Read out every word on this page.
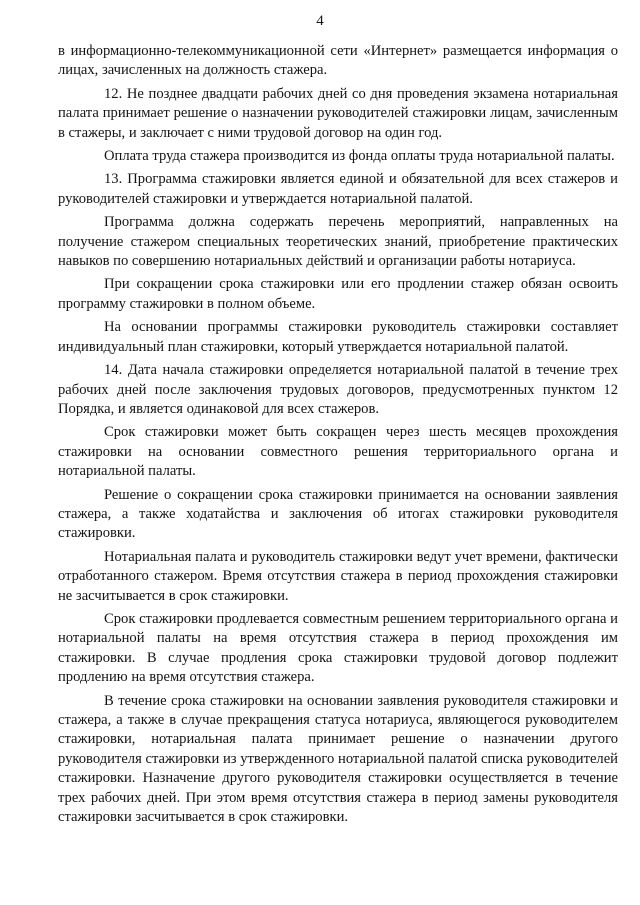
4

в информационно-телекоммуникационной сети «Интернет» размещается информация о лицах, зачисленных на должность стажера.

12. Не позднее двадцати рабочих дней со дня проведения экзамена нотариальная палата принимает решение о назначении руководителей стажировки лицам, зачисленным в стажеры, и заключает с ними трудовой договор на один год.

Оплата труда стажера производится из фонда оплаты труда нотариальной палаты.

13. Программа стажировки является единой и обязательной для всех стажеров и руководителей стажировки и утверждается нотариальной палатой.

Программа должна содержать перечень мероприятий, направленных на получение стажером специальных теоретических знаний, приобретение практических навыков по совершению нотариальных действий и организации работы нотариуса.

При сокращении срока стажировки или его продлении стажер обязан освоить программу стажировки в полном объеме.

На основании программы стажировки руководитель стажировки составляет индивидуальный план стажировки, который утверждается нотариальной палатой.

14. Дата начала стажировки определяется нотариальной палатой в течение трех рабочих дней после заключения трудовых договоров, предусмотренных пунктом 12 Порядка, и является одинаковой для всех стажеров.

Срок стажировки может быть сокращен через шесть месяцев прохождения стажировки на основании совместного решения территориального органа и нотариальной палаты.

Решение о сокращении срока стажировки принимается на основании заявления стажера, а также ходатайства и заключения об итогах стажировки руководителя стажировки.

Нотариальная палата и руководитель стажировки ведут учет времени, фактически отработанного стажером. Время отсутствия стажера в период прохождения стажировки не засчитывается в срок стажировки.

Срок стажировки продлевается совместным решением территориального органа и нотариальной палаты на время отсутствия стажера в период прохождения им стажировки. В случае продления срока стажировки трудовой договор подлежит продлению на время отсутствия стажера.

В течение срока стажировки на основании заявления руководителя стажировки и стажера, а также в случае прекращения статуса нотариуса, являющегося руководителем стажировки, нотариальная палата принимает решение о назначении другого руководителя стажировки из утвержденного нотариальной палатой списка руководителей стажировки. Назначение другого руководителя стажировки осуществляется в течение трех рабочих дней. При этом время отсутствия стажера в период замены руководителя стажировки засчитывается в срок стажировки.
